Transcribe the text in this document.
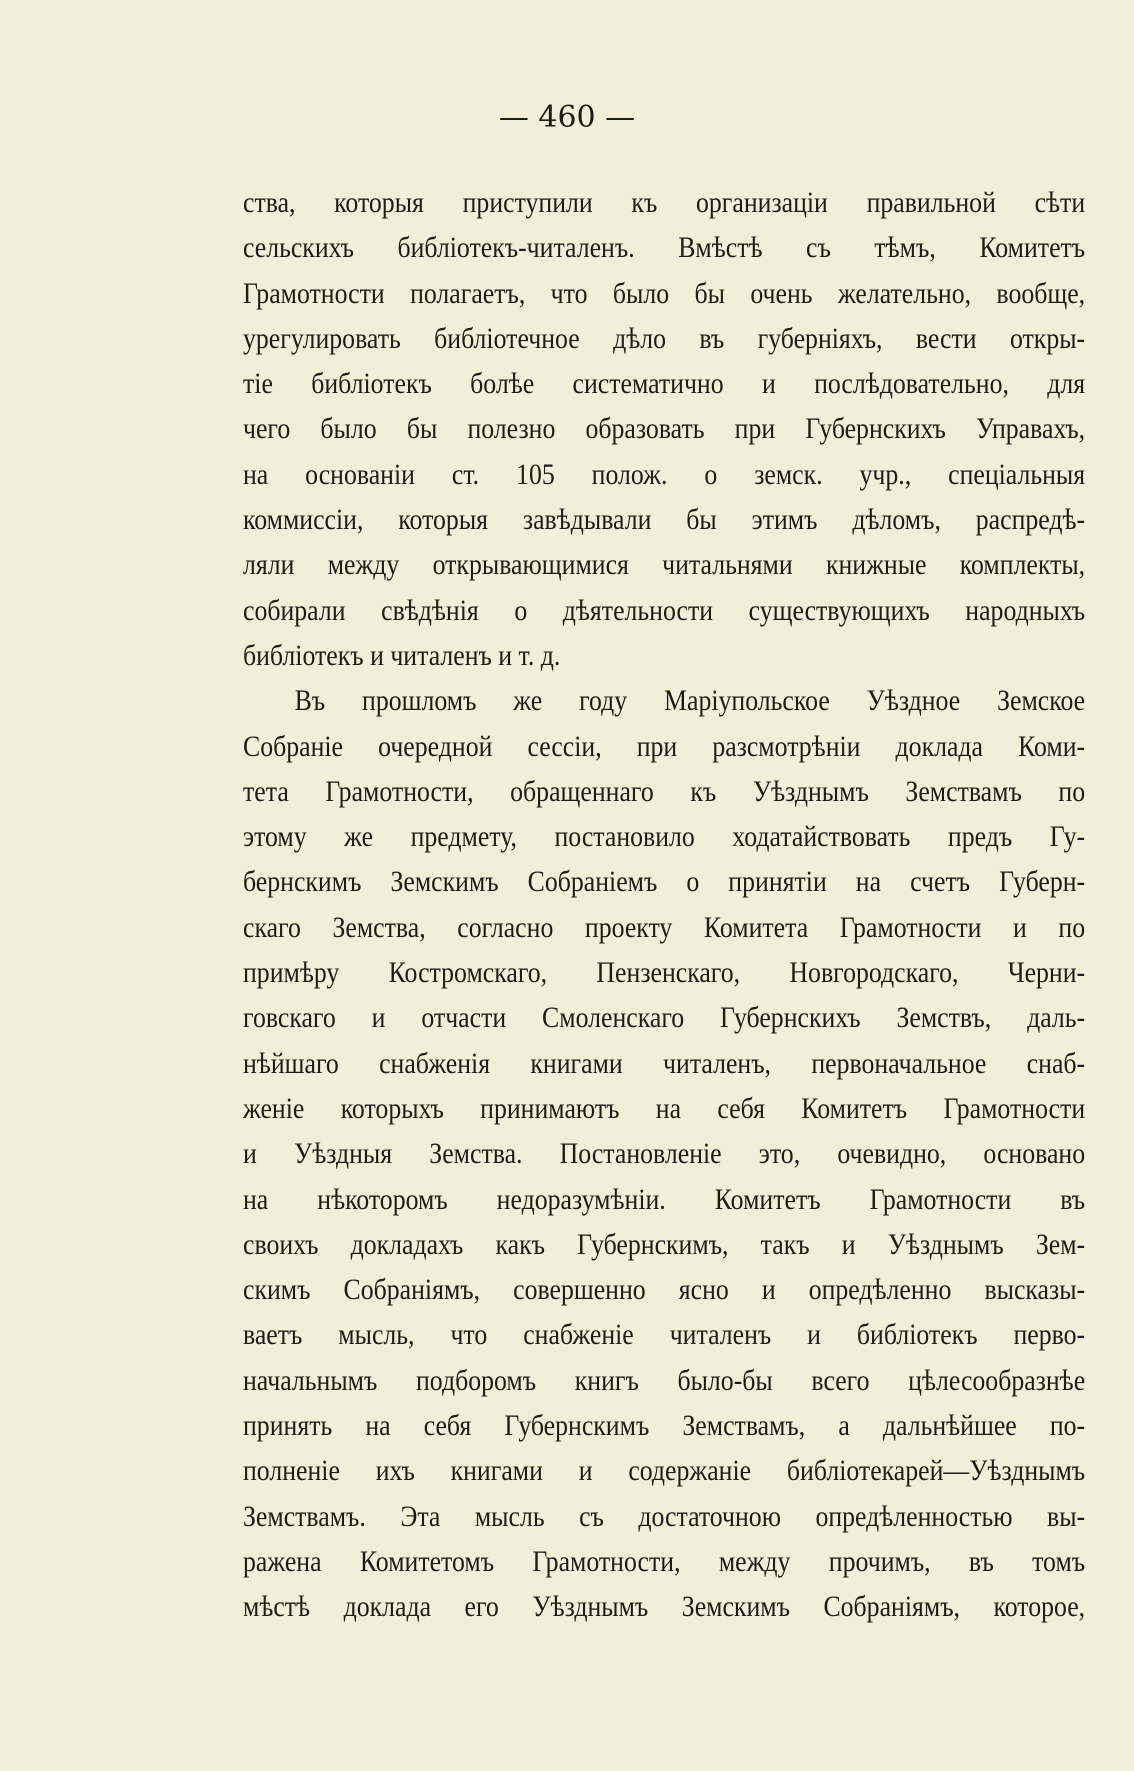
— 460 —
ства, которыя приступили къ организаціи правильной сѣти
сельскихъ библіотекъ-читаленъ. Вмѣстѣ съ тѣмъ, Комитетъ
Грамотности полагаетъ, что было бы очень желательно, вообще,
урегулировать библіотечное дѣло въ губерніяхъ, вести откры-
тіе библіотекъ болѣе систематично и послѣдовательно, для
чего было бы полезно образовать при Губернскихъ Управахъ,
на основаніи ст. 105 полож. о земск. учр., спеціальныя
коммиссіи, которыя завѣдывали бы этимъ дѣломъ, распредѣ-
ляли между открывающимися читальнями книжные комплекты,
собирали свѣдѣнія о дѣятельности существующихъ народныхъ
библіотекъ и читаленъ и т. д.
Въ прошломъ же году Маріупольское Уѣздное Земское
Собраніе очередной сессіи, при разсмотрѣніи доклада Коми-
тета Грамотности, обращеннаго къ Уѣзднымъ Земствамъ по
этому же предмету, постановило ходатайствовать предъ Гу-
бернскимъ Земскимъ Собраніемъ о принятіи на счетъ Губерн-
скаго Земства, согласно проекту Комитета Грамотности и по
примѣру Костромскаго, Пензенскаго, Новгородскаго, Черни-
говскаго и отчасти Смоленскаго Губернскихъ Земствъ, даль-
нѣйшаго снабженія книгами читаленъ, первоначальное снаб-
женіе которыхъ принимаютъ на себя Комитетъ Грамотности
и Уѣздныя Земства. Постановленіе это, очевидно, основано
на нѣкоторомъ недоразумѣніи. Комитетъ Грамотности въ
своихъ докладахъ какъ Губернскимъ, такъ и Уѣзднымъ Зем-
скимъ Собраніямъ, совершенно ясно и опредѣленно высказы-
ваетъ мысль, что снабженіе читаленъ и библіотекъ перво-
начальнымъ подборомъ книгъ было-бы всего цѣлесообразнѣе
принять на себя Губернскимъ Земствамъ, а дальнѣйшее по-
полненіе ихъ книгами и содержаніе библіотекарей—Уѣзднымъ
Земствамъ. Эта мысль съ достаточною опредѣленностью вы-
ражена Комитетомъ Грамотности, между прочимъ, въ томъ
мѣстѣ доклада его Уѣзднымъ Земскимъ Собраніямъ, которое,
